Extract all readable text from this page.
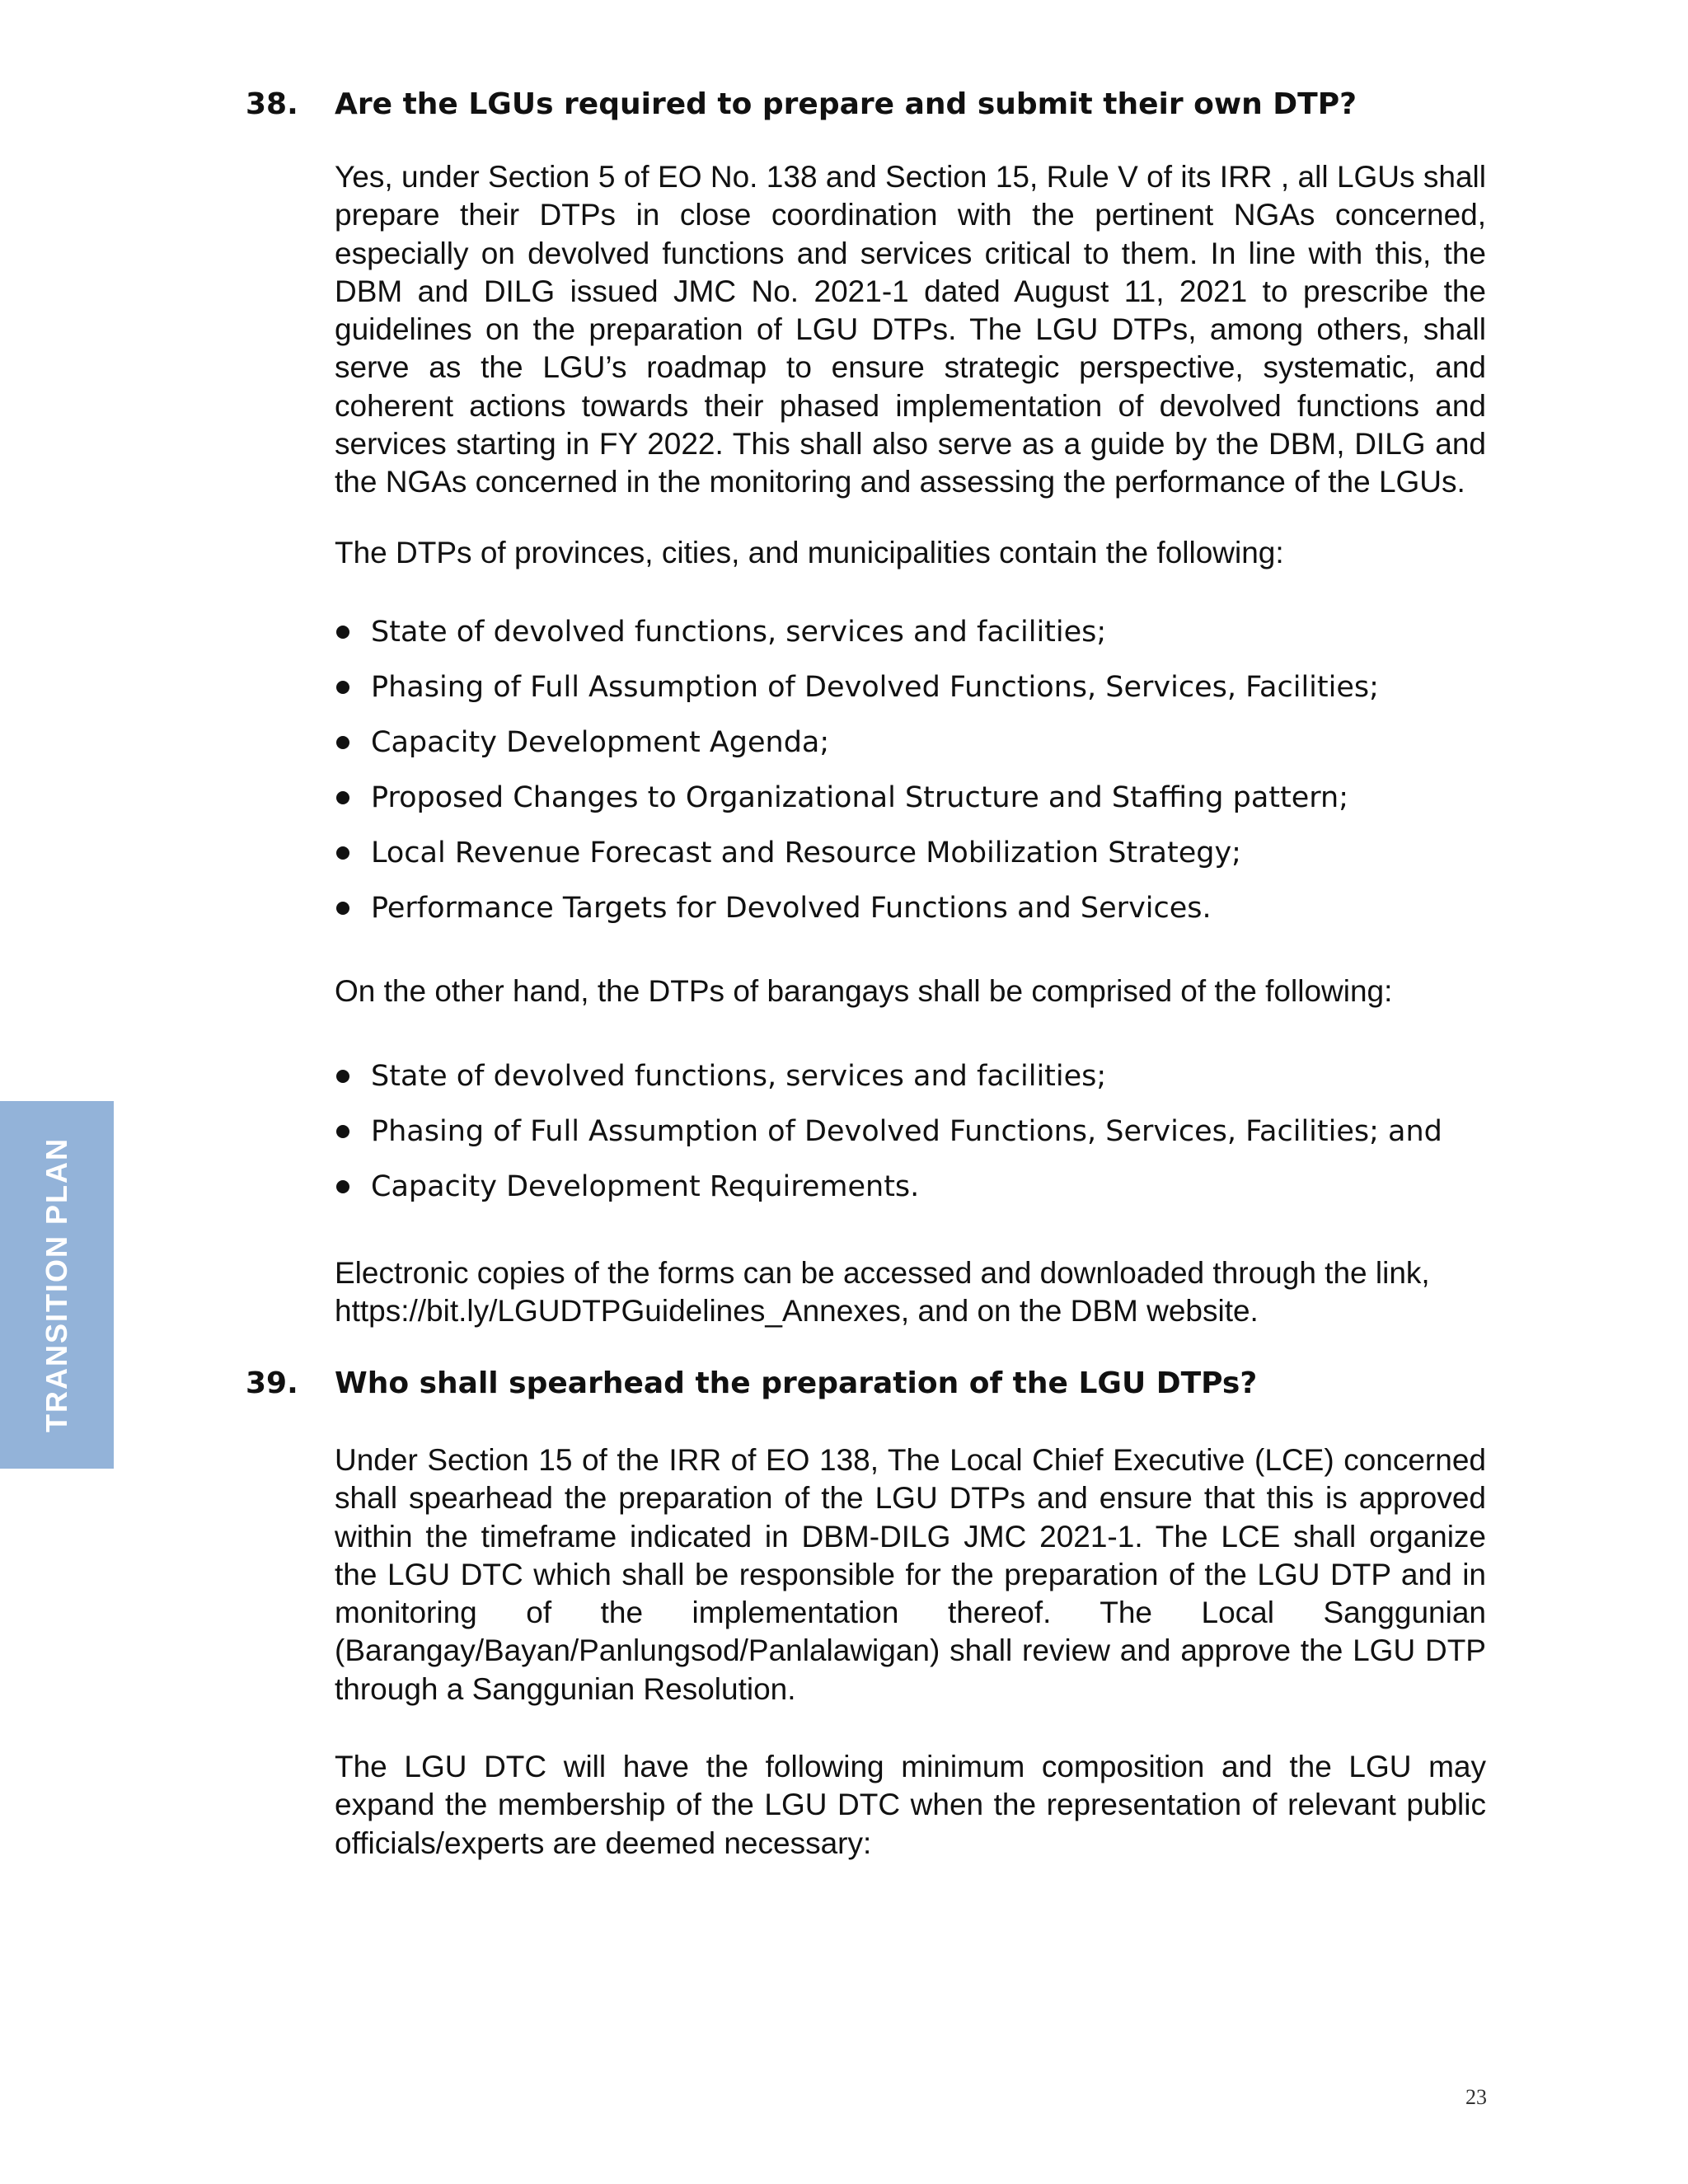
TRANSITION PLAN
38. Are the LGUs required to prepare and submit their own DTP?

Yes, under Section 5 of EO No. 138 and Section 15, Rule V of its IRR , all LGUs shall prepare their DTPs in close coordination with the pertinent NGAs concerned, especially on devolved functions and services critical to them. In line with this, the DBM and DILG issued JMC No. 2021-1 dated August 11, 2021 to prescribe the guidelines on the preparation of LGU DTPs. The LGU DTPs, among others, shall serve as the LGU’s roadmap to ensure strategic perspective, systematic, and coherent actions towards their phased implementation of devolved functions and services starting in FY 2022. This shall also serve as a guide by the DBM, DILG and the NGAs concerned in the monitoring and assessing the performance of the LGUs.

The DTPs of provinces, cities, and municipalities contain the following:
State of devolved functions, services and facilities;
Phasing of Full Assumption of Devolved Functions, Services, Facilities;
Capacity Development Agenda;
Proposed Changes to Organizational Structure and Staffing pattern;
Local Revenue Forecast and Resource Mobilization Strategy;
Performance Targets for Devolved Functions and Services.
On the other hand, the DTPs of barangays shall be comprised of the following:
State of devolved functions, services and facilities;
Phasing of Full Assumption of Devolved Functions, Services, Facilities; and
Capacity Development Requirements.
Electronic copies of the forms can be accessed and downloaded through the link,
https://bit.ly/LGUDTPGuidelines_Annexes, and on the DBM website.
39. Who shall spearhead the preparation of the LGU DTPs?

Under Section 15 of the IRR of EO 138, The Local Chief Executive (LCE) concerned shall spearhead the preparation of the LGU DTPs and ensure that this is approved within the timeframe indicated in DBM-DILG JMC 2021-1. The LCE shall organize the LGU DTC which shall be responsible for the preparation of the LGU DTP and in monitoring of the implementation thereof. The Local Sanggunian (Barangay/Bayan/Panlungsod/Panlalawigan) shall review and approve the LGU DTP through a Sanggunian Resolution.

The LGU DTC will have the following minimum composition and the LGU may expand the membership of the LGU DTC when the representation of relevant public officials/experts are deemed necessary:

23
